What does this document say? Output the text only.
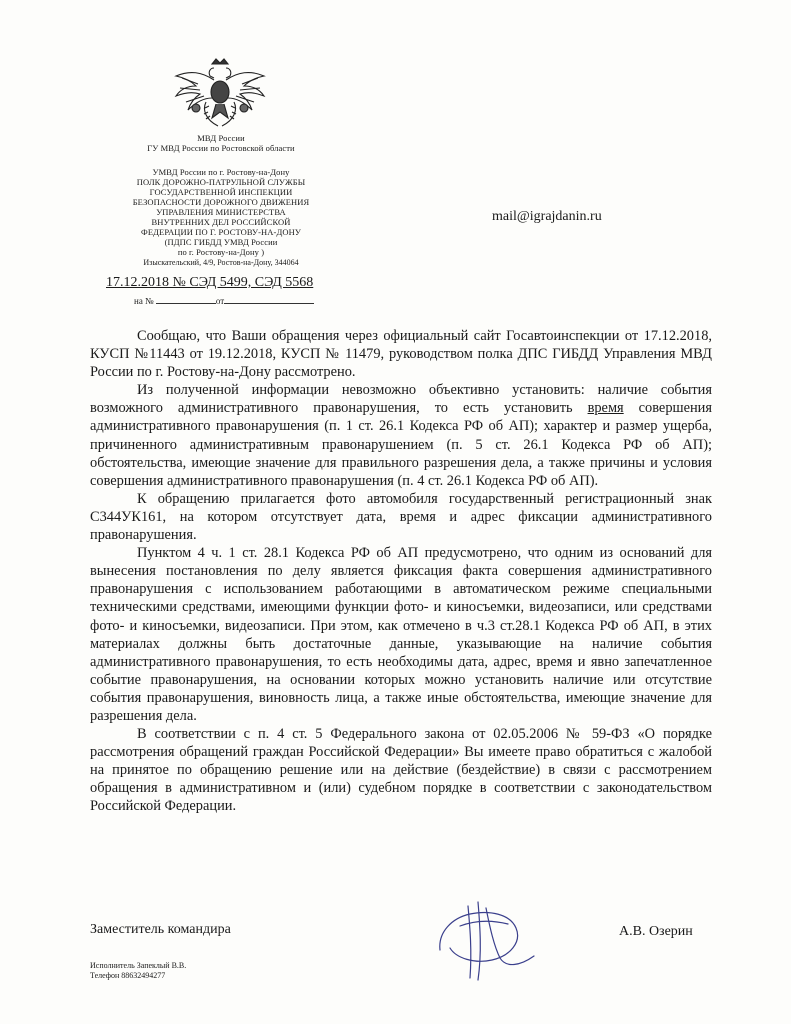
МВД России
ГУ МВД России по Ростовской области
УМВД России по г. Ростову-на-Дону
ПОЛК ДОРОЖНО-ПАТРУЛЬНОЙ СЛУЖБЫ
ГОСУДАРСТВЕННОЙ ИНСПЕКЦИИ
БЕЗОПАСНОСТИ ДОРОЖНОГО ДВИЖЕНИЯ
УПРАВЛЕНИЯ МИНИСТЕРСТВА
ВНУТРЕННИХ ДЕЛ РОССИЙСКОЙ
ФЕДЕРАЦИИ ПО Г. РОСТОВУ-НА-ДОНУ
(ПДПС ГИБДД УМВД России
по г. Ростову-на-Дону )
Изыскательский, 4/9, Ростов-на-Дону, 344064
17.12.2018 № СЭД 5499, СЭД 5568
на №	от
mail@igrajdanin.ru

Сообщаю, что Ваши обращения через официальный сайт Госавтоинспекции от 17.12.2018, КУСП №11443 от 19.12.2018, КУСП № 11479, руководством полка ДПС ГИБДД Управления МВД России по г. Ростову-на-Дону рассмотрено.

Из полученной информации невозможно объективно установить: наличие события возможного административного правонарушения, то есть установить время совершения административного правонарушения (п. 1 ст. 26.1 Кодекса РФ об АП); характер и размер ущерба, причиненного административным правонарушением (п. 5 ст. 26.1 Кодекса РФ об АП); обстоятельства, имеющие значение для правильного разрешения дела, а также причины и условия совершения административного правонарушения (п. 4 ст. 26.1 Кодекса РФ об АП).

К обращению прилагается фото автомобиля государственный регистрационный знак С344УК161, на котором отсутствует дата, время и адрес фиксации административного правонарушения.

Пунктом 4 ч. 1 ст. 28.1 Кодекса РФ об АП предусмотрено, что одним из оснований для вынесения постановления по делу является фиксация факта совершения административного правонарушения с использованием работающими в автоматическом режиме специальными техническими средствами, имеющими функции фото- и киносъемки, видеозаписи, или средствами фото- и киносъемки, видеозаписи. При этом, как отмечено в ч.3 ст.28.1 Кодекса РФ об АП, в этих материалах должны быть достаточные данные, указывающие на наличие события административного правонарушения, то есть необходимы дата, адрес, время и явно запечатленное событие правонарушения, на основании которых можно установить наличие или отсутствие события правонарушения, виновность лица, а также иные обстоятельства, имеющие значение для разрешения дела.

В соответствии с п. 4 ст. 5 Федерального закона от 02.05.2006 № 59-ФЗ «О порядке рассмотрения обращений граждан Российской Федерации» Вы имеете право обратиться с жалобой на принятое по обращению решение или на действие (бездействие) в связи с рассмотрением обращения в административном и (или) судебном порядке в соответствии с законодательством Российской Федерации.

Заместитель командира	А.В. Озерин
Исполнитель Запеклый В.В.
Телефон 88632494277
